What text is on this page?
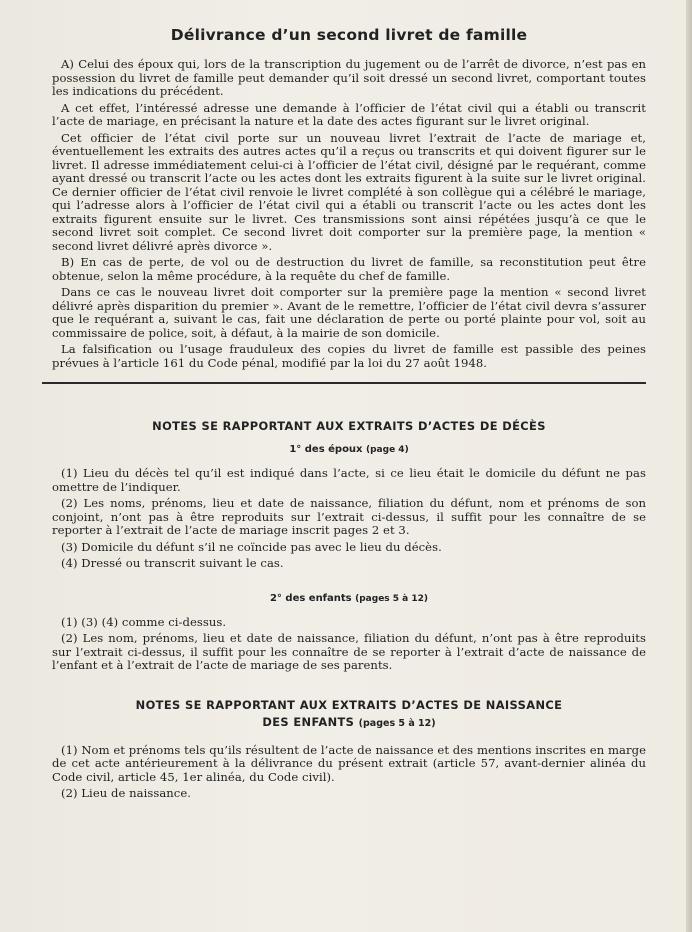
Délivrance d’un second livret de famille

A) Celui des époux qui, lors de la transcription du jugement ou de l’arrêt de divorce, n’est pas en possession du livret de famille peut demander qu’il soit dressé un second livret, comportant toutes les indications du précédent.

A cet effet, l’intéressé adresse une demande à l’officier de l’état civil qui a établi ou transcrit l’acte de mariage, en précisant la nature et la date des actes figurant sur le livret original.

Cet officier de l’état civil porte sur un nouveau livret l’extrait de l’acte de mariage et, éventuellement les extraits des autres actes qu’il a reçus ou transcrits et qui doivent figurer sur le livret. Il adresse immédiatement celui-ci à l’officier de l’état civil, désigné par le requérant, comme ayant dressé ou transcrit l’acte ou les actes dont les extraits figurent à la suite sur le livret original. Ce dernier officier de l’état civil renvoie le livret complété à son collègue qui a célébré le mariage, qui l’adresse alors à l’officier de l’état civil qui a établi ou transcrit l’acte ou les actes dont les extraits figurent ensuite sur le livret. Ces transmissions sont ainsi répétées jusqu’à ce que le second livret soit complet. Ce second livret doit comporter sur la première page, la mention « second livret délivré après divorce ».

B) En cas de perte, de vol ou de destruction du livret de famille, sa reconstitution peut être obtenue, selon la même procédure, à la requête du chef de famille.

Dans ce cas le nouveau livret doit comporter sur la première page la mention « second livret délivré après disparition du premier ». Avant de le remettre, l’officier de l’état civil devra s’assurer que le requérant a, suivant le cas, fait une déclaration de perte ou porté plainte pour vol, soit au commissaire de police, soit, à défaut, à la mairie de son domicile.

La falsification ou l’usage frauduleux des copies du livret de famille est passible des peines prévues à l’article 161 du Code pénal, modifié par la loi du 27 août 1948.

NOTES SE RAPPORTANT AUX EXTRAITS D’ACTES DE DÉCÈS
1° des époux (page 4)

(1) Lieu du décès tel qu’il est indiqué dans l’acte, si ce lieu était le domicile du défunt ne pas omettre de l’indiquer.

(2) Les noms, prénoms, lieu et date de naissance, filiation du défunt, nom et prénoms de son conjoint, n’ont pas à être reproduits sur l’extrait ci-dessus, il suffit pour les connaître de se reporter à l’extrait de l’acte de mariage inscrit pages 2 et 3.

(3) Domicile du défunt s’il ne coïncide pas avec le lieu du décès.

(4) Dressé ou transcrit suivant le cas.

2° des enfants (pages 5 à 12)

(1) (3) (4) comme ci-dessus.

(2) Les nom, prénoms, lieu et date de naissance, filiation du défunt, n’ont pas à être reproduits sur l’extrait ci-dessus, il suffit pour les connaître de se reporter à l’extrait d’acte de naissance de l’enfant et à l’extrait de l’acte de mariage de ses parents.

NOTES SE RAPPORTANT AUX EXTRAITS D’ACTES DE NAISSANCE
DES ENFANTS (pages 5 à 12)

(1) Nom et prénoms tels qu’ils résultent de l’acte de naissance et des mentions inscrites en marge de cet acte antérieurement à la délivrance du présent extrait (article 57, avant-dernier alinéa du Code civil, article 45, 1er alinéa, du Code civil).

(2) Lieu de naissance.
